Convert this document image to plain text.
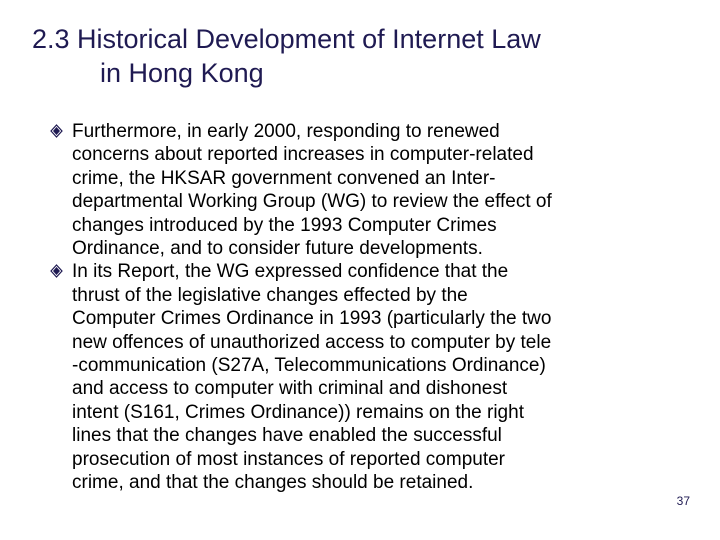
2.3 Historical Development of Internet Law
in Hong Kong
Furthermore, in early 2000, responding to renewed
concerns about reported increases in computer-related
crime, the HKSAR government convened an Inter-
departmental Working Group (WG) to review the effect of
changes introduced by the 1993 Computer Crimes
Ordinance, and to consider future developments.
In its Report, the WG expressed confidence that the
thrust of the legislative changes effected by the
Computer Crimes Ordinance in 1993 (particularly the two
new offences of unauthorized access to computer by tele
-communication (S27A, Telecommunications Ordinance)
and access to computer with criminal and dishonest
intent (S161, Crimes Ordinance)) remains on the right
lines that the changes have enabled the successful
prosecution of most instances of reported computer
crime, and that the changes should be retained.
37
